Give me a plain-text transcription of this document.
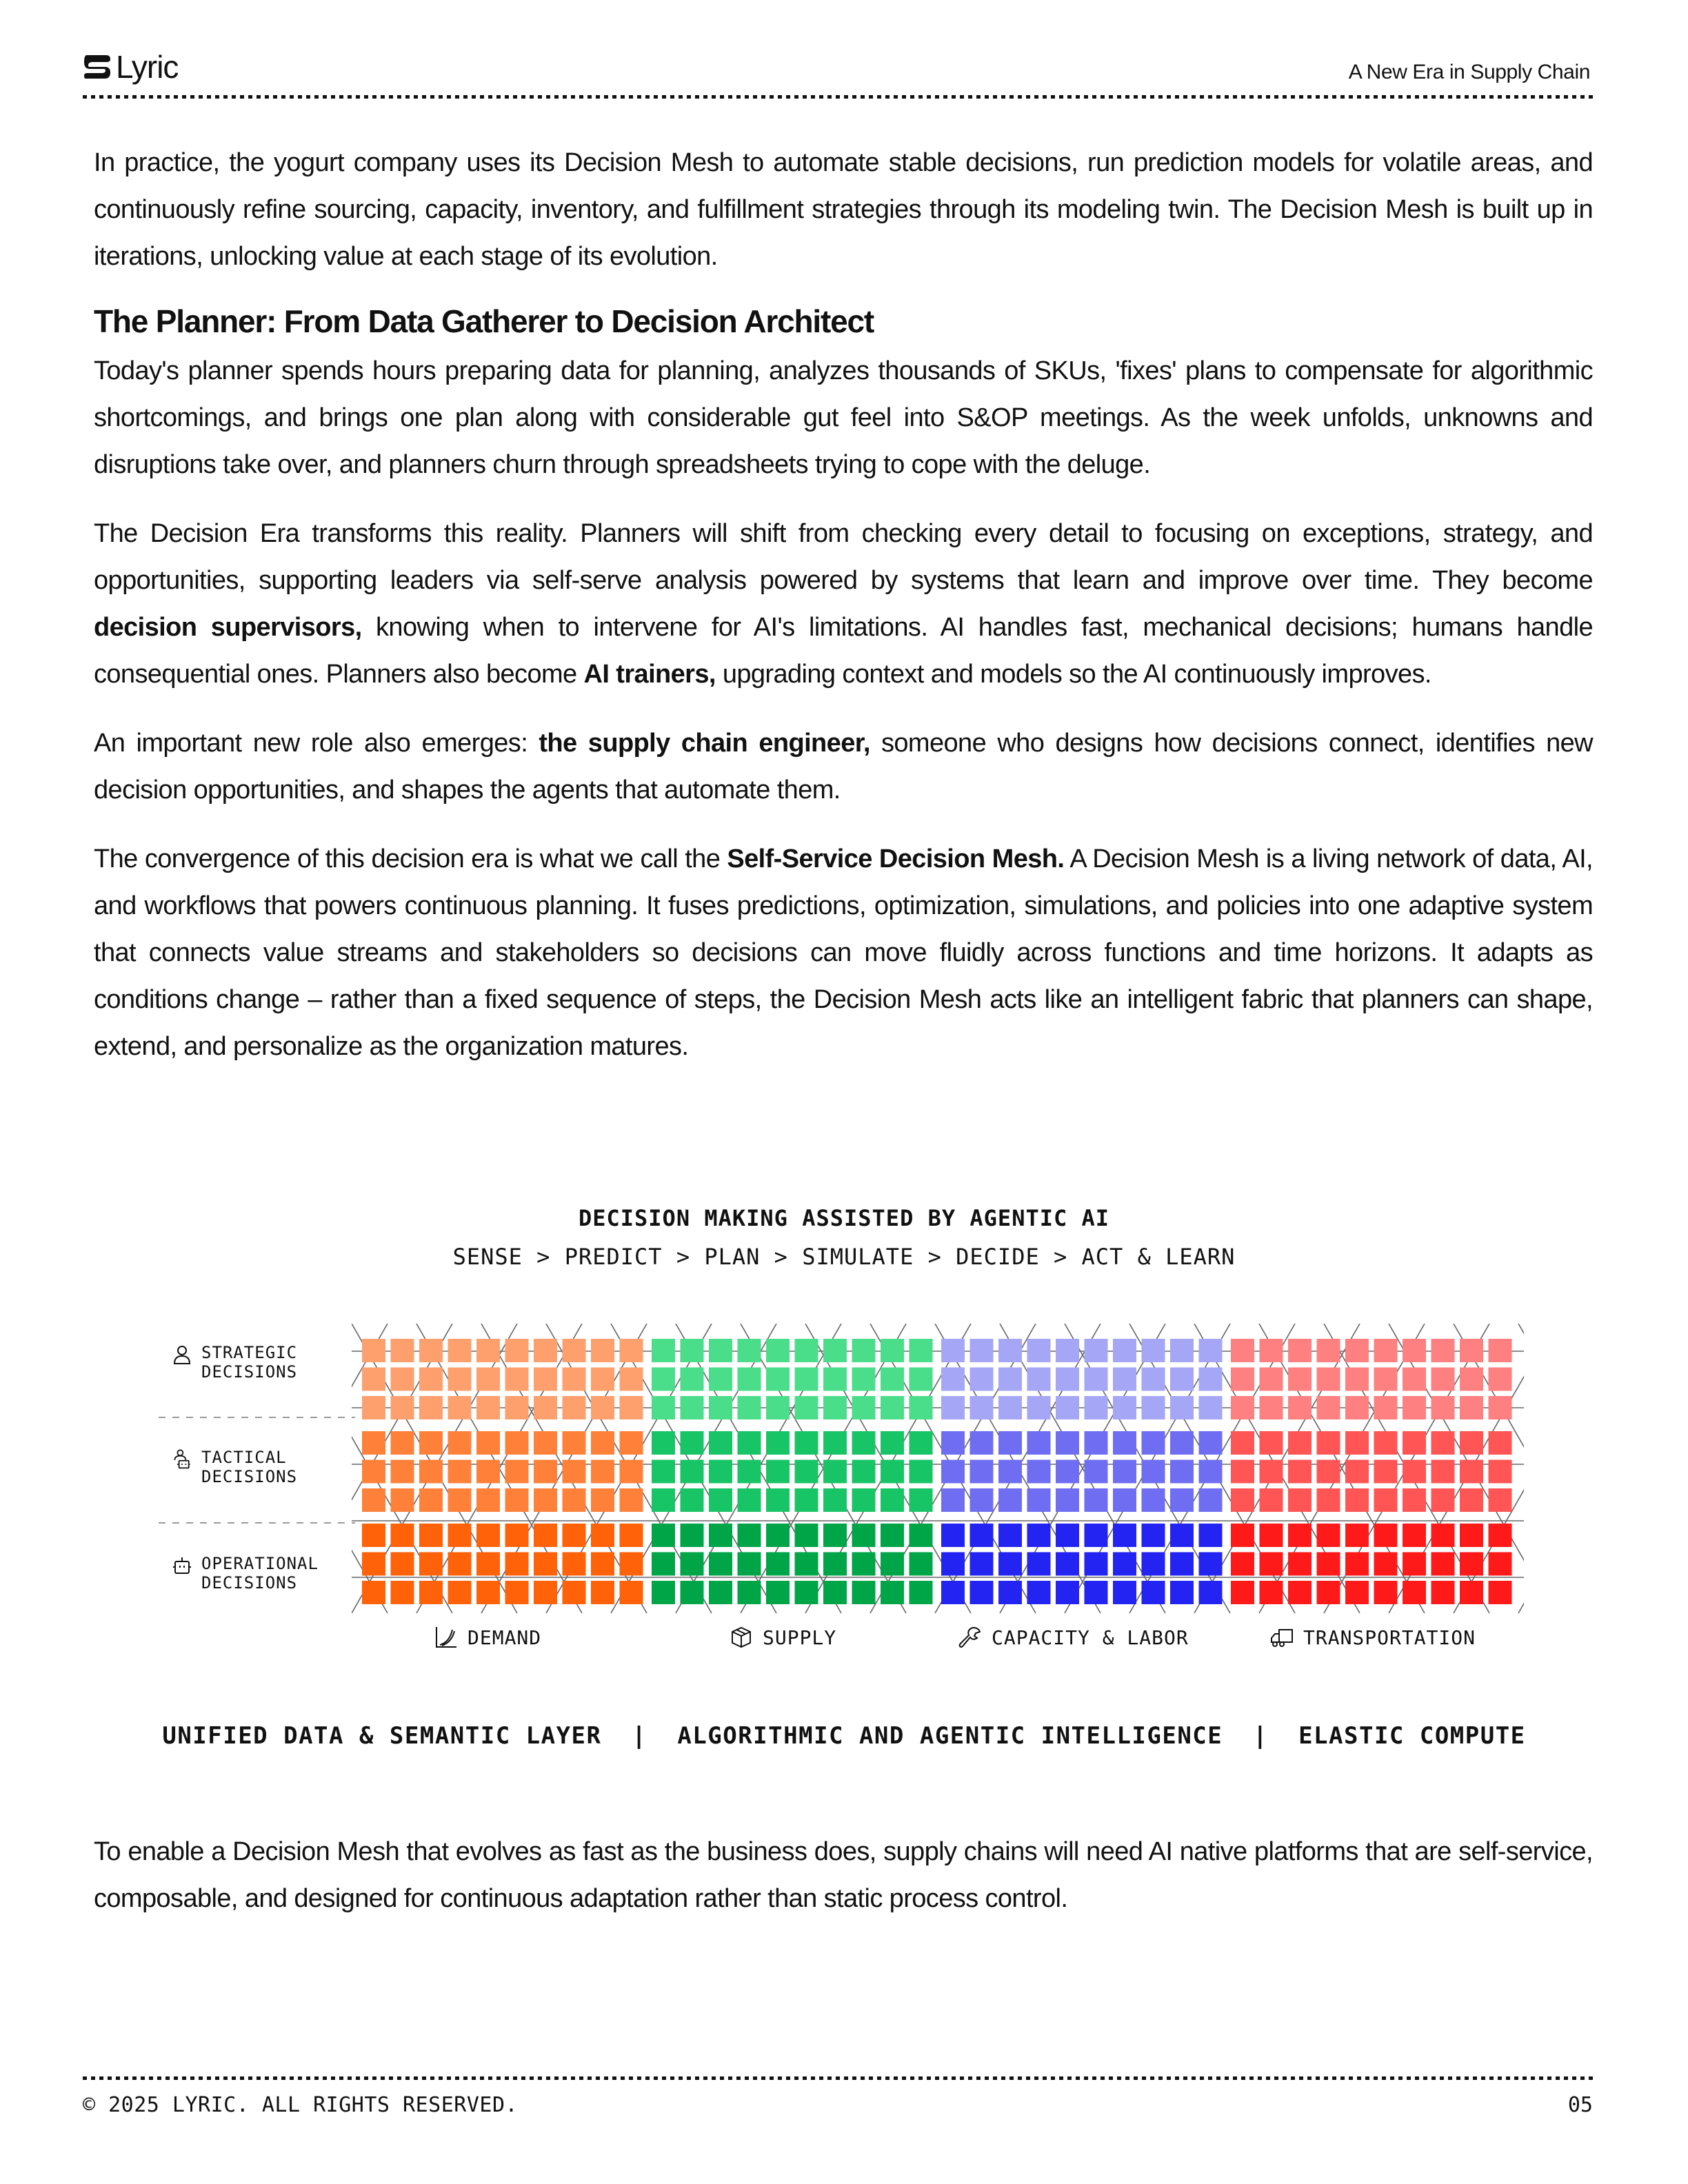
Lyric	A New Era in Supply Chain

In practice, the yogurt company uses its Decision Mesh to automate stable decisions, run prediction models for volatile areas, and continuously refine sourcing, capacity, inventory, and fulfillment strategies through its modeling twin. The Decision Mesh is built up in iterations, unlocking value at each stage of its evolution.

The Planner: From Data Gatherer to Decision Architect

Today's planner spends hours preparing data for planning, analyzes thousands of SKUs, 'fixes' plans to compensate for algorithmic shortcomings, and brings one plan along with considerable gut feel into S&OP meetings. As the week unfolds, unknowns and disruptions take over, and planners churn through spreadsheets trying to cope with the deluge.

The Decision Era transforms this reality. Planners will shift from checking every detail to focusing on exceptions, strategy, and opportunities, supporting leaders via self-serve analysis powered by systems that learn and improve over time. They become decision supervisors, knowing when to intervene for AI's limitations. AI handles fast, mechanical decisions; humans handle consequential ones. Planners also become AI trainers, upgrading context and models so the AI continuously improves.

An important new role also emerges: the supply chain engineer, someone who designs how decisions connect, identifies new decision opportunities, and shapes the agents that automate them.

The convergence of this decision era is what we call the Self-Service Decision Mesh. A Decision Mesh is a living network of data, AI, and workflows that powers continuous planning. It fuses predictions, optimization, simulations, and policies into one adaptive system that connects value streams and stakeholders so decisions can move fluidly across functions and time horizons. It adapts as conditions change – rather than a fixed sequence of steps, the Decision Mesh acts like an intelligent fabric that planners can shape, extend, and personalize as the organization matures.

DECISION MAKING ASSISTED BY AGENTIC AI
SENSE > PREDICT > PLAN > SIMULATE > DECIDE > ACT & LEARN
STRATEGIC
DECISIONS
TACTICAL
DECISIONS
OPERATIONAL
DECISIONS
DEMAND	SUPPLY	CAPACITY & LABOR	TRANSPORTATION
UNIFIED DATA & SEMANTIC LAYER  |  ALGORITHMIC AND AGENTIC INTELLIGENCE  |  ELASTIC COMPUTE

To enable a Decision Mesh that evolves as fast as the business does, supply chains will need AI native platforms that are self-service, composable, and designed for continuous adaptation rather than static process control.

© 2025 LYRIC. ALL RIGHTS RESERVED.	05
